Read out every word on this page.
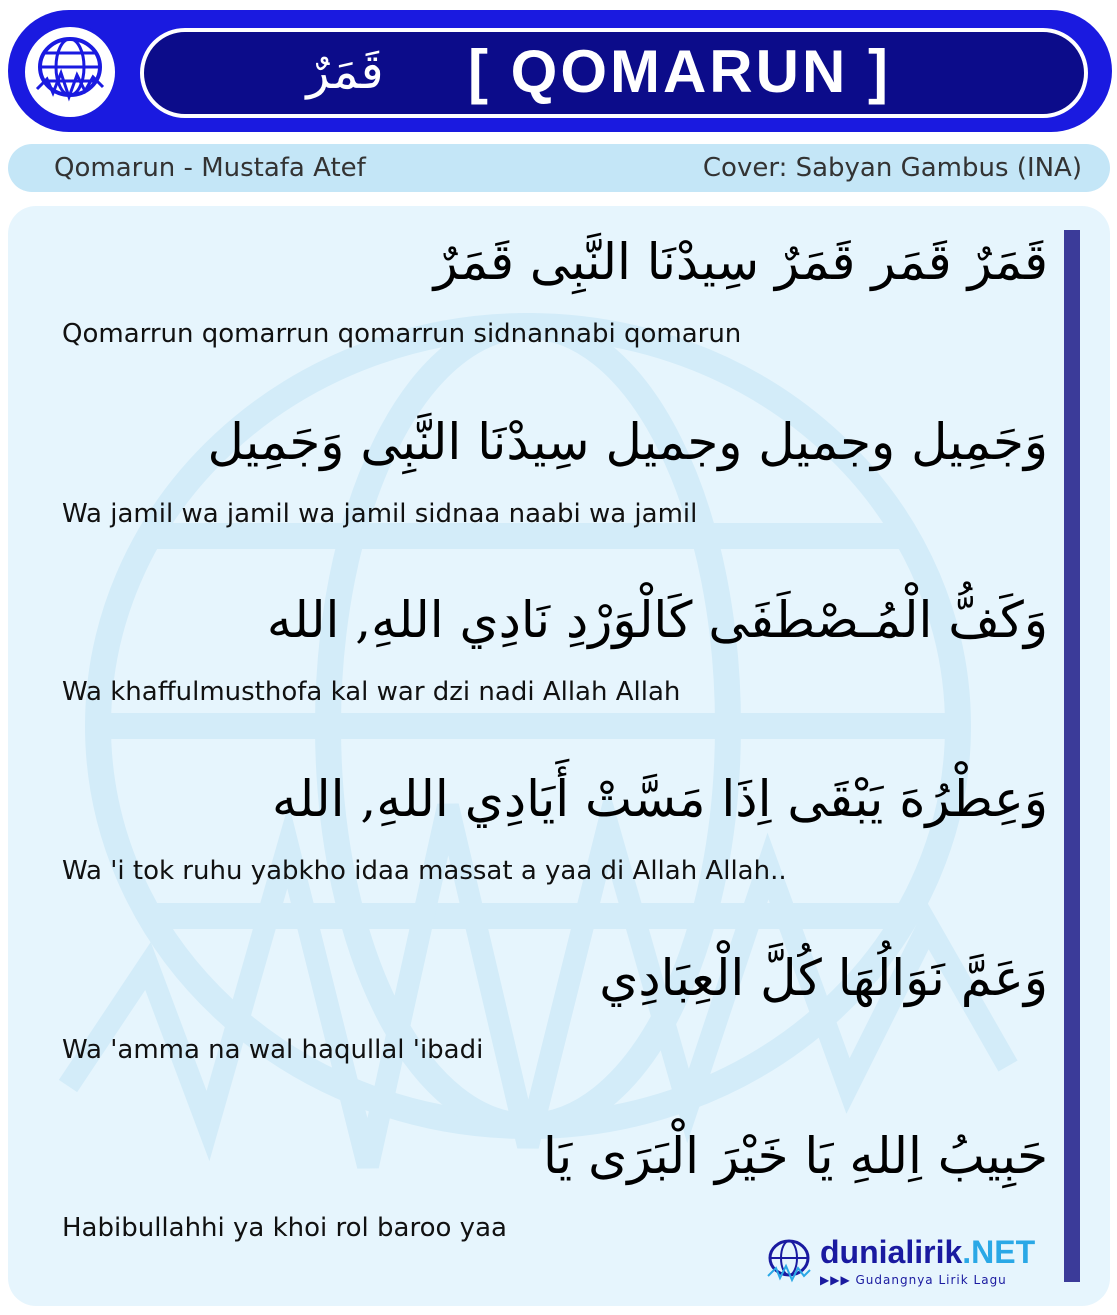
قَمَرٌ	[ QOMARUN ]
Qomarun - Mustafa Atef	Cover: Sabyan Gambus (INA)
قَمَرٌ قَمَر قَمَرٌ سِيدْنَا النَّبِى قَمَرٌ
Qomarrun qomarrun qomarrun sidnannabi qomarun
وَجَمِيل وجميل وجميل سِيدْنَا النَّبِى وَجَمِيل
Wa jamil wa jamil wa jamil sidnaa naabi wa jamil
وَكَفُّ الْمُـصْطَفَى كَالْوَرْدِ نَادِي اللهِ, الله
Wa khaffulmusthofa kal war dzi nadi Allah Allah
وَعِطْرُهَ يَبْقَى اِذَا مَسَّتْ أَيَادِي اللهِ, الله
Wa 'i tok ruhu yabkho idaa massat a yaa di Allah Allah..
وَعَمَّ نَوَالُهَا كُلَّ الْعِبَادِي
Wa 'amma na wal haqullal 'ibadi
حَبِيبُ اِللهِ يَا خَيْرَ الْبَرَى يَا
Habibullahhi ya khoi rol baroo yaa
dunialirik.NET
▶▶▶ Gudangnya Lirik Lagu
